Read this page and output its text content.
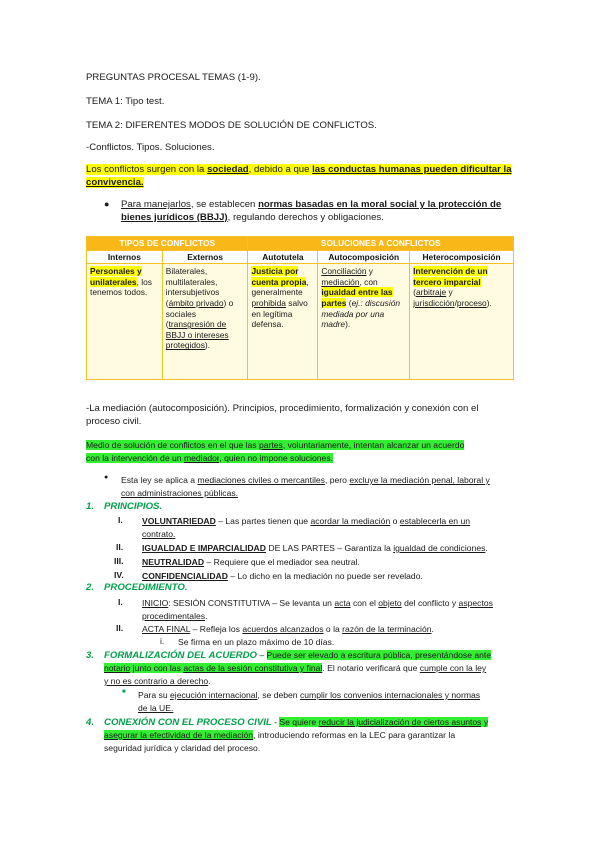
PREGUNTAS PROCESAL TEMAS (1-9).
TEMA 1: Tipo test.
TEMA 2: DIFERENTES MODOS DE SOLUCIÓN DE CONFLICTOS.
-Conflictos. Tipos. Soluciones.
Los conflictos surgen con la sociedad, debido a que las conductas humanas pueden dificultar la
convivencia.
● Para manejarlos, se establecen normas basadas en la moral social y la protección de
bienes jurídicos (BBJJ), regulando derechos y obligaciones.
TIPOS DE CONFLICTOS		SOLUCIONES A CONFLICTOS		
Internos	Externos	Autotutela	Autocomposición	Heterocomposición
Personales y unilaterales, los tenemos todos.	Bilaterales, multilaterales, intersubjetivos (ámbito privado) o sociales (transgresión de BBJJ o intereses protegidos).	Justicia por cuenta propia, generalmente prohibida salvo en legítima defensa.	Conciliación y mediación, con igualdad entre las partes (ej.: discusión mediada por una madre).	Intervención de un tercero imparcial (arbitraje y jurisdicción/proceso).
-La mediación (autocomposición). Principios, procedimiento, formalización y conexión con el
proceso civil.
Medio de solución de conflictos en el que las partes, voluntariamente, intentan alcanzar un acuerdo
con la intervención de un mediador, quien no impone soluciones.
● Esta ley se aplica a mediaciones civiles o mercantiles, pero excluye la mediación penal, laboral y
con administraciones públicas.
1. PRINCIPIOS.
I. VOLUNTARIEDAD – Las partes tienen que acordar la mediación o establecerla en un
contrato.
II. IGUALDAD E IMPARCIALIDAD DE LAS PARTES – Garantiza la igualdad de condiciones.
III. NEUTRALIDAD – Requiere que el mediador sea neutral.
IV. CONFIDENCIALIDAD – Lo dicho en la mediación no puede ser revelado.
2. PROCEDIMIENTO.
I. INICIO: SESIÓN CONSTITUTIVA – Se levanta un acta con el objeto del conflicto y aspectos
procedimentales.
II. ACTA FINAL – Refleja los acuerdos alcanzados o la razón de la terminación.
i. Se firma en un plazo máximo de 10 días.
3. FORMALIZACIÓN DEL ACUERDO – Puede ser elevado a escritura pública, presentándose ante
notario junto con las actas de la sesión constitutiva y final. El notario verificará que cumple con la ley
y no es contrario a derecho.
■ Para su ejecución internacional, se deben cumplir los convenios internacionales y normas
de la UE.
4. CONEXIÓN CON EL PROCESO CIVIL - Se quiere reducir la judicialización de ciertos asuntos y
asegurar la efectividad de la mediación, introduciendo reformas en la LEC para garantizar la
seguridad jurídica y claridad del proceso.
